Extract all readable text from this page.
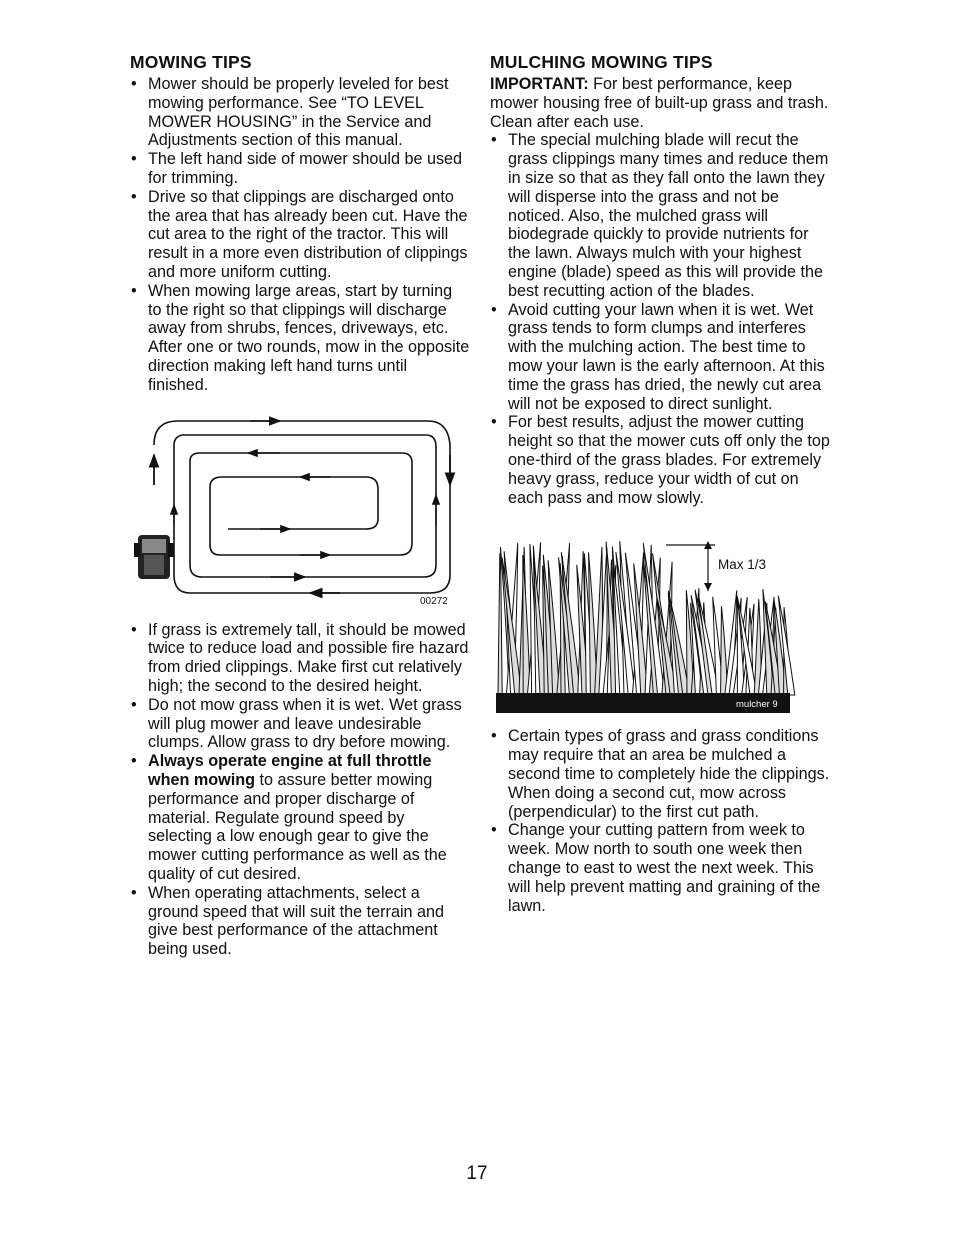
MOWING TIPS
• Mower should be properly leveled for best mowing performance. See “TO LEVEL MOWER HOUSING” in the Service and Adjustments section of this manual.
• The left hand side of mower should be used for trimming.
• Drive so that clippings are discharged onto the area that has already been cut. Have the cut area to the right of the tractor. This will result in a more even distribution of clippings and more uniform cutting.
• When mowing large areas, start by turning to the right so that clippings will discharge away from shrubs, fences, driveways, etc. After one or two rounds, mow in the opposite direction making left hand turns until finished.
00272
• If grass is extremely tall, it should be mowed twice to reduce load and possible fire hazard from dried clippings. Make first cut relatively high; the second to the desired height.
• Do not mow grass when it is wet. Wet grass will plug mower and leave undesirable clumps. Allow grass to dry before mowing.
• Always operate engine at full throttle when mowing to assure better mowing performance and proper discharge of material. Regulate ground speed by selecting a low enough gear to give the mower cutting performance as well as the quality of cut desired.
• When operating attachments, select a ground speed that will suit the terrain and give best performance of the attachment being used.
MULCHING MOWING TIPS

IMPORTANT: For best performance, keep mower housing free of built-up grass and trash. Clean after each use.

• The special mulching blade will recut the grass clippings many times and reduce them in size so that as they fall onto the lawn they will disperse into the grass and not be noticed. Also, the mulched grass will biodegrade quickly to provide nutrients for the lawn. Always mulch with your highest engine (blade) speed as this will provide the best recutting action of the blades.
• Avoid cutting your lawn when it is wet. Wet grass tends to form clumps and interferes with the mulching action. The best time to mow your lawn is the early afternoon. At this time the grass has dried, the newly cut area will not be exposed to direct sunlight.
• For best results, adjust the mower cutting height so that the mower cuts off only the top one-third of the grass blades. For extremely heavy grass, reduce your width of cut on each pass and mow slowly.
Max 1/3
mulcher 9
• Certain types of grass and grass conditions may require that an area be mulched a second time to completely hide the clippings. When doing a second cut, mow across (perpendicular) to the first cut path.
• Change your cutting pattern from week to week. Mow north to south one week then change to east to west the next week. This will help prevent matting and graining of the lawn.
17
